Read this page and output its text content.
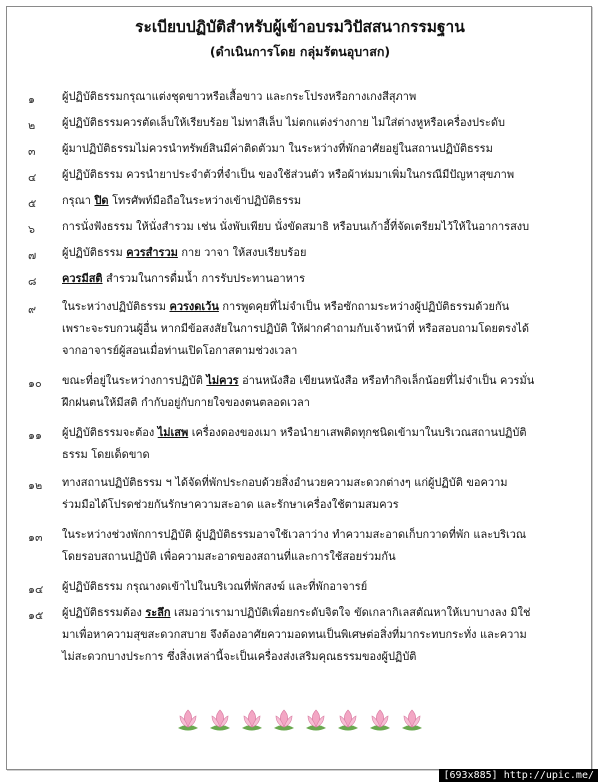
ระเบียบปฏิบัติสำหรับผู้เข้าอบรมวิปัสสนากรรมฐาน
(ดำเนินการโดย กลุ่มรัตนอุบาสก)
๑ ผู้ปฏิบัติธรรมกรุณาแต่งชุดขาวหรือเสื้อขาว และกระโปรงหรือกางเกงสีสุภาพ
๒ ผู้ปฏิบัติธรรมควรตัดเล็บให้เรียบร้อย ไม่ทาสีเล็บ ไม่ตกแต่งร่างกาย ไม่ใส่ต่างหูหรือเครื่องประดับ
๓ ผู้มาปฏิบัติธรรมไม่ควรนำทรัพย์สินมีค่าติดตัวมา ในระหว่างที่พักอาศัยอยู่ในสถานปฏิบัติธรรม
๔ ผู้ปฏิบัติธรรม ควรนำยาประจำตัวที่จำเป็น ของใช้ส่วนตัว หรือผ้าห่มมาเพิ่มในกรณีมีปัญหาสุขภาพ
๕ กรุณา ปิด โทรศัพท์มือถือในระหว่างเข้าปฏิบัติธรรม
๖ การนั่งฟังธรรม ให้นั่งสำรวม เช่น นั่งพับเพียบ นั่งขัดสมาธิ หรือบนเก้าอี้ที่จัดเตรียมไว้ให้ในอาการสงบ
๗ ผู้ปฏิบัติธรรม ควรสำรวม กาย วาจา ให้สงบเรียบร้อย
๘ ควรมีสติ สำรวมในการดื่มน้ำ การรับประทานอาหาร
๙ ในระหว่างปฏิบัติธรรม ควรงดเว้น การพูดคุยที่ไม่จำเป็น หรือซักถามระหว่างผู้ปฏิบัติธรรมด้วยกัน
เพราะจะรบกวนผู้อื่น หากมีข้อสงสัยในการปฏิบัติ ให้ฝากคำถามกับเจ้าหน้าที่ หรือสอบถามโดยตรงได้
จากอาจารย์ผู้สอนเมื่อท่านเปิดโอกาสตามช่วงเวลา
๑๐ ขณะที่อยู่ในระหว่างการปฏิบัติ ไม่ควร อ่านหนังสือ เขียนหนังสือ หรือทำกิจเล็กน้อยที่ไม่จำเป็น ควรมั่น
ฝึกฝนตนให้มีสติ กำกับอยู่กับกายใจของตนตลอดเวลา
๑๑ ผู้ปฏิบัติธรรมจะต้อง ไม่เสพ เครื่องดองของเมา หรือนำยาเสพติดทุกชนิดเข้ามาในบริเวณสถานปฏิบัติ
ธรรม โดยเด็ดขาด
๑๒ ทางสถานปฏิบัติธรรม ฯ ได้จัดที่พักประกอบด้วยสิ่งอำนวยความสะดวกต่างๆ แก่ผู้ปฏิบัติ ขอความ
ร่วมมือได้โปรดช่วยกันรักษาความสะอาด และรักษาเครื่องใช้ตามสมควร
๑๓ ในระหว่างช่วงพักการปฏิบัติ ผู้ปฏิบัติธรรมอาจใช้เวลาว่าง ทำความสะอาดเก็บกวาดที่พัก และบริเวณ
โดยรอบสถานปฏิบัติ เพื่อความสะอาดของสถานที่และการใช้สอยร่วมกัน
๑๔ ผู้ปฏิบัติธรรม กรุณางดเข้าไปในบริเวณที่พักสงฆ์ และที่พักอาจารย์
๑๕ ผู้ปฏิบัติธรรมต้อง ระลึก เสมอว่าเรามาปฏิบัติเพื่อยกระดับจิตใจ ขัดเกลากิเลสตัณหาให้เบาบางลง มิใช่
มาเพื่อหาความสุขสะดวกสบาย จึงต้องอาศัยความอดทนเป็นพิเศษต่อสิ่งที่มากระทบกระทั่ง และความ
ไม่สะดวกบางประการ ซึ่งสิ่งเหล่านี้จะเป็นเครื่องส่งเสริมคุณธรรมของผู้ปฏิบัติ
[693x885] http://upic.me/
